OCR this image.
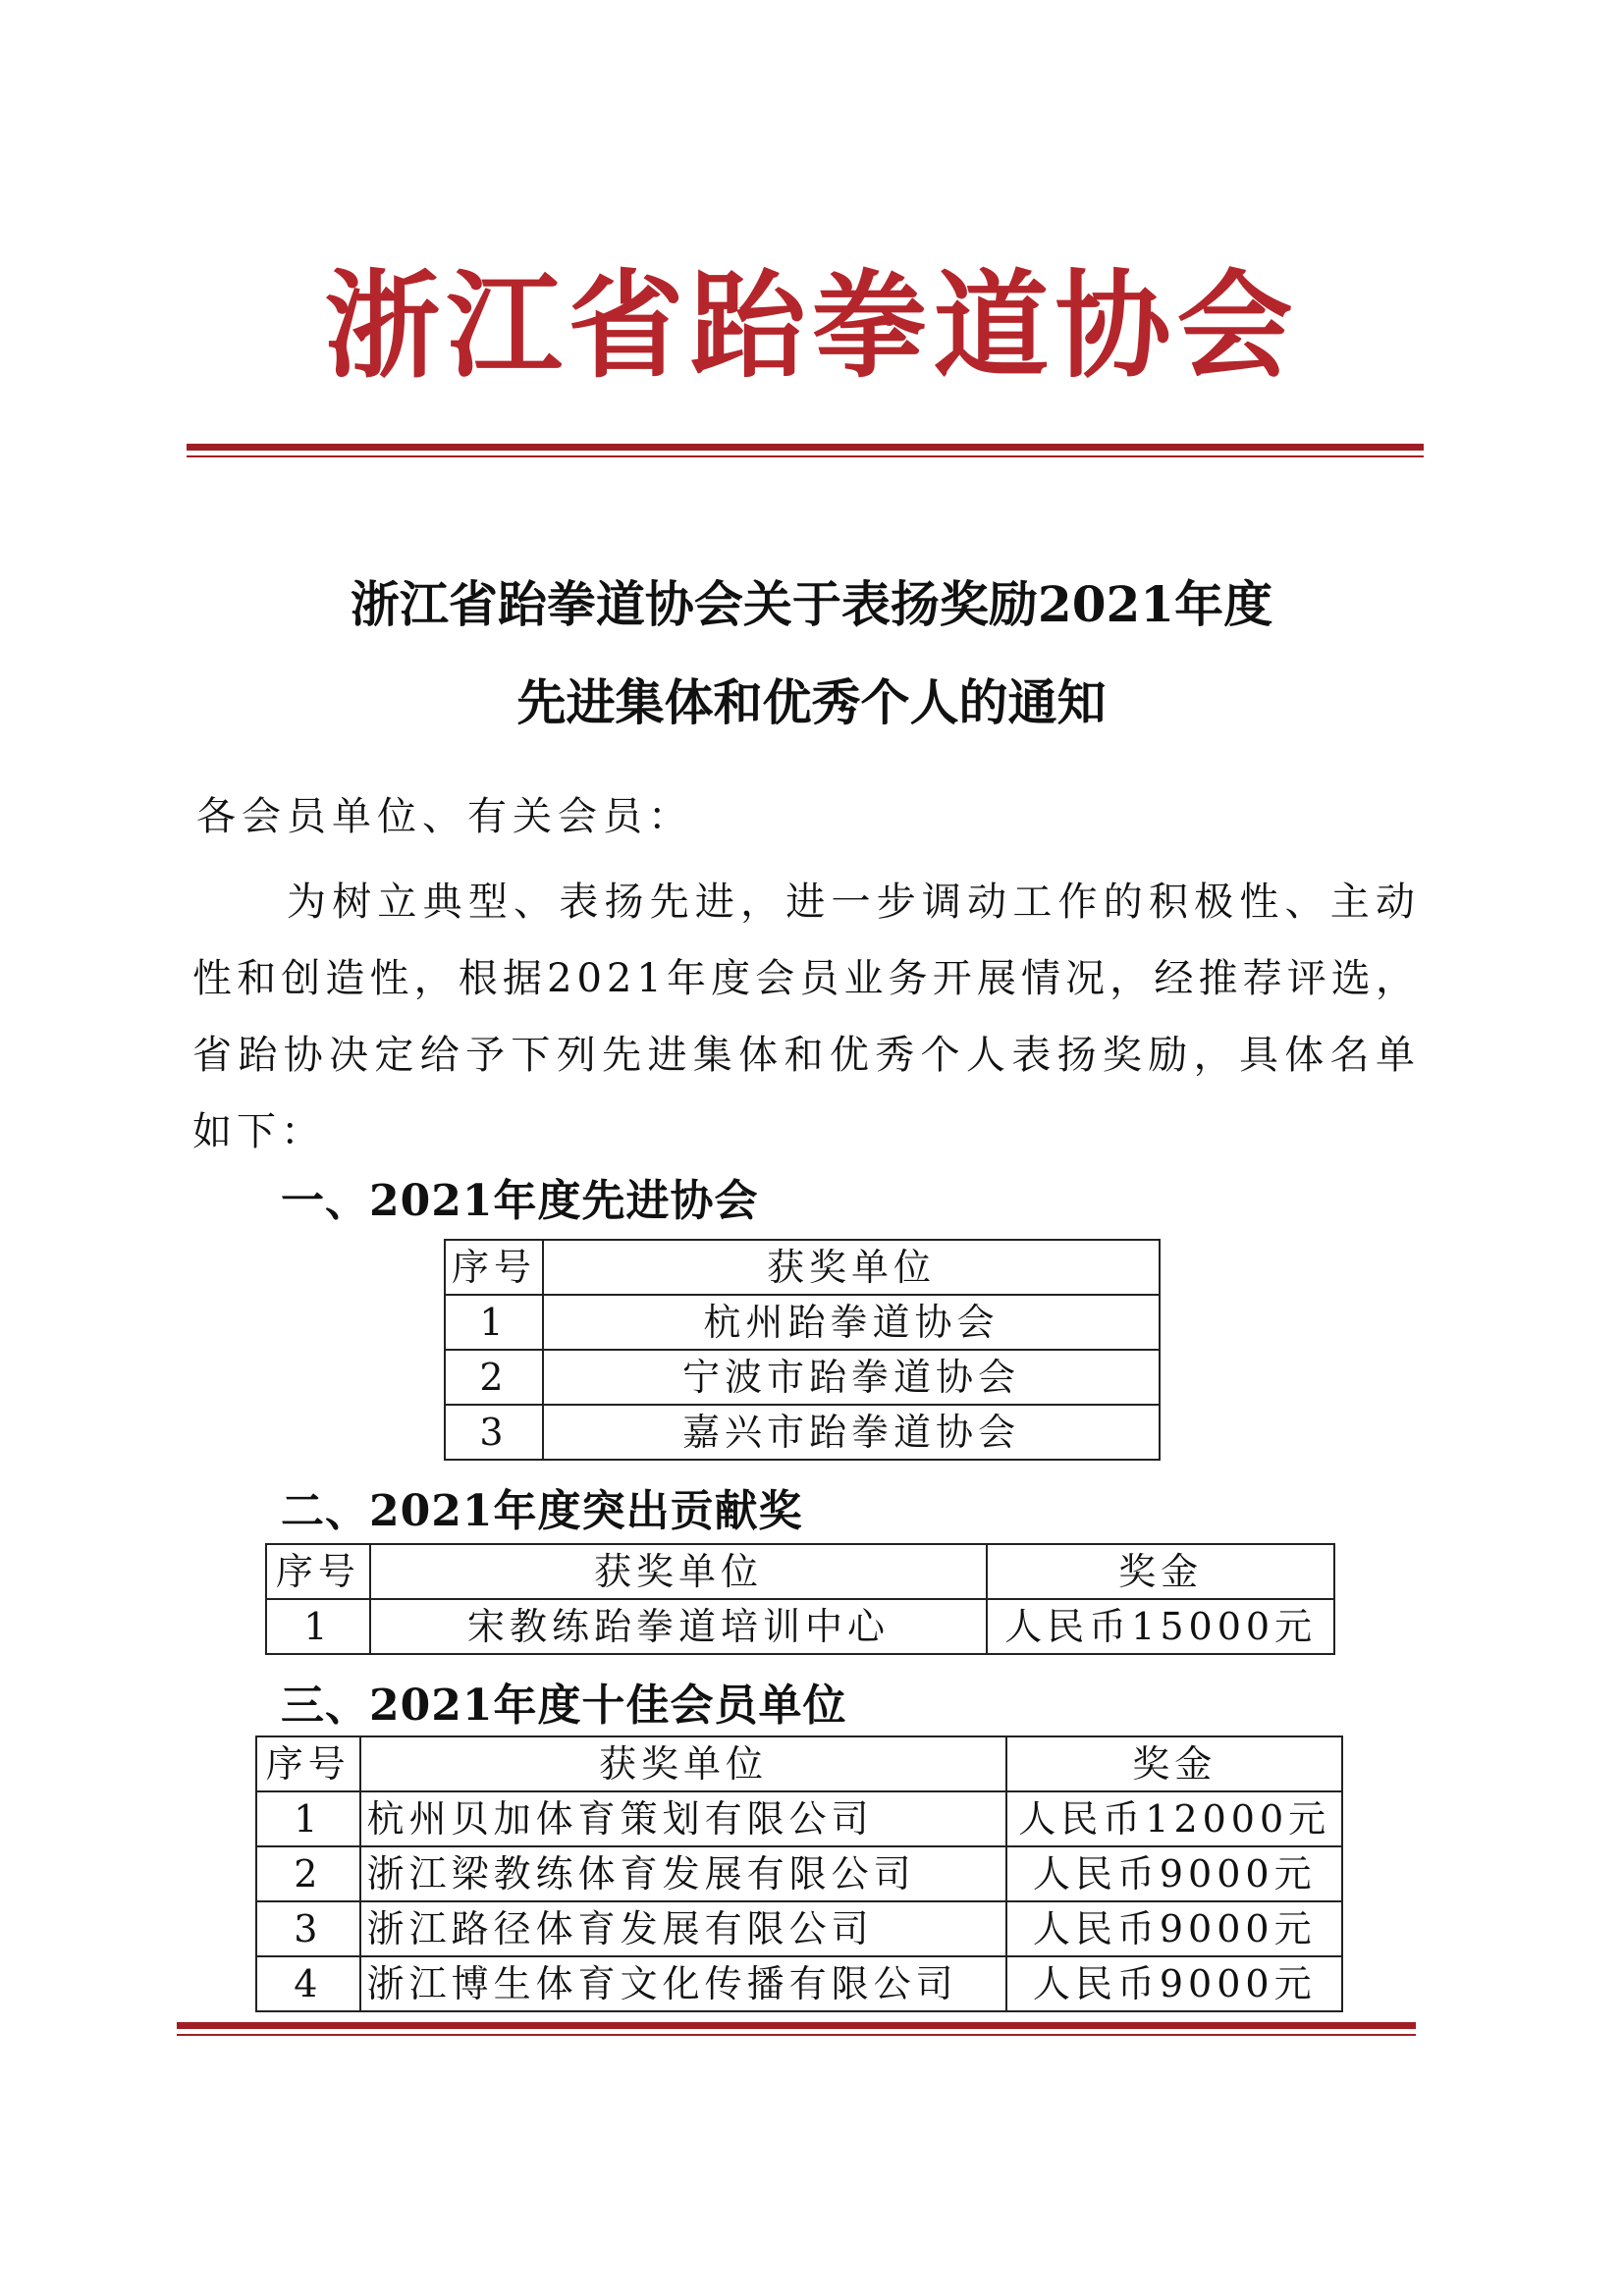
浙江省跆拳道协会
浙江省跆拳道协会关于表扬奖励2021年度
先进集体和优秀个人的通知
各会员单位、有关会员：
为树立典型、表扬先进，进一步调动工作的积极性、主动性和创造性，根据2021年度会员业务开展情况，经推荐评选，省跆协决定给予下列先进集体和优秀个人表扬奖励，具体名单如下：
一、2021年度先进协会
序号	获奖单位
1	杭州跆拳道协会
2	宁波市跆拳道协会
3	嘉兴市跆拳道协会
二、2021年度突出贡献奖
序号	获奖单位	奖金
1	宋教练跆拳道培训中心	人民币15000元
三、2021年度十佳会员单位
序号	获奖单位	奖金
1	杭州贝加体育策划有限公司	人民币12000元
2	浙江梁教练体育发展有限公司	人民币9000元
3	浙江路径体育发展有限公司	人民币9000元
4	浙江博生体育文化传播有限公司	人民币9000元
